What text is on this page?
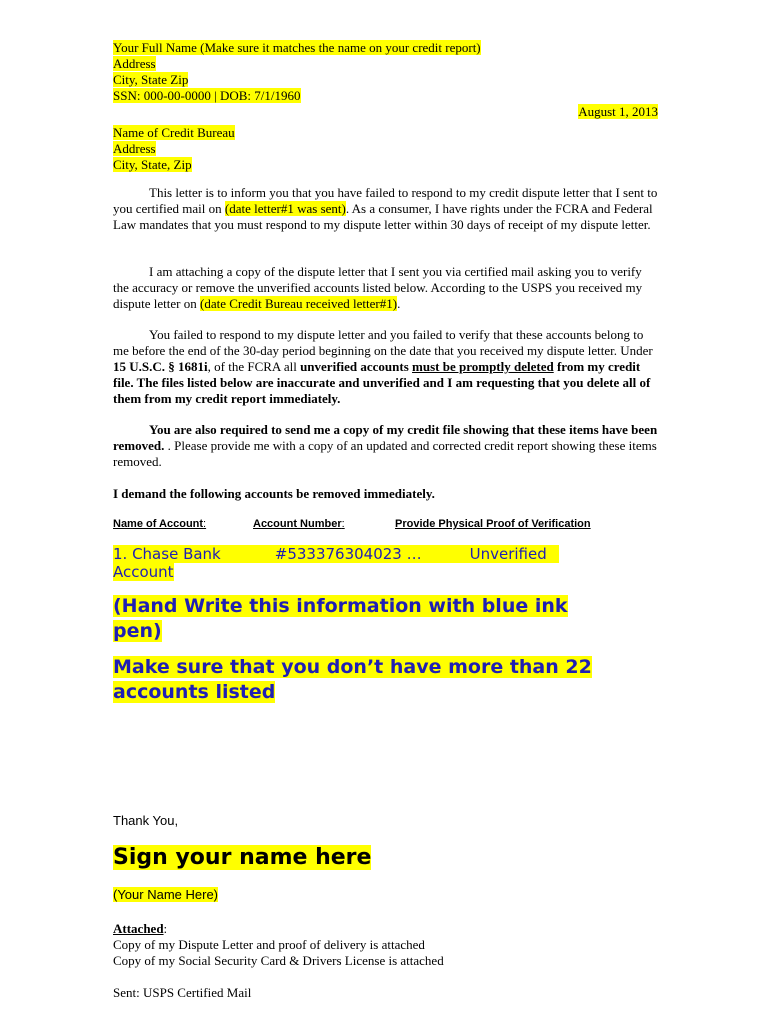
Your Full Name (Make sure it matches the name on your credit report)
Address
City, State Zip
SSN: 000-00-0000 | DOB: 7/1/1960
August 1, 2013
Name of Credit Bureau
Address
City, State, Zip
This letter is to inform you that you have failed to respond to my credit dispute letter that I sent to you certified mail on (date letter#1 was sent). As a consumer, I have rights under the FCRA and Federal Law mandates that you must respond to my dispute letter within 30 days of receipt of my dispute letter.
I am attaching a copy of the dispute letter that I sent you via certified mail asking you to verify the accuracy or remove the unverified accounts listed below. According to the USPS you received my dispute letter on (date Credit Bureau received letter#1).
You failed to respond to my dispute letter and you failed to verify that these accounts belong to me before the end of the 30-day period beginning on the date that you received my dispute letter. Under 15 U.S.C. § 1681i, of the FCRA all unverified accounts must be promptly deleted from my credit file. The files listed below are inaccurate and unverified and I am requesting that you delete all of them from my credit report immediately.
You are also required to send me a copy of my credit file showing that these items have been removed. . Please provide me with a copy of an updated and corrected credit report showing these items removed.
I demand the following accounts be removed immediately.
Name of Account:	Account Number:	Provide Physical Proof of Verification
1. Chase Bank	#533376304023 …	Unverified
Account
(Hand Write this information with blue ink
pen)
Make sure that you don’t have more than 22
accounts listed
Thank You,
Sign your name here
(Your Name Here)
Attached:
Copy of my Dispute Letter and proof of delivery is attached
Copy of my Social Security Card & Drivers License is attached
Sent: USPS Certified Mail
